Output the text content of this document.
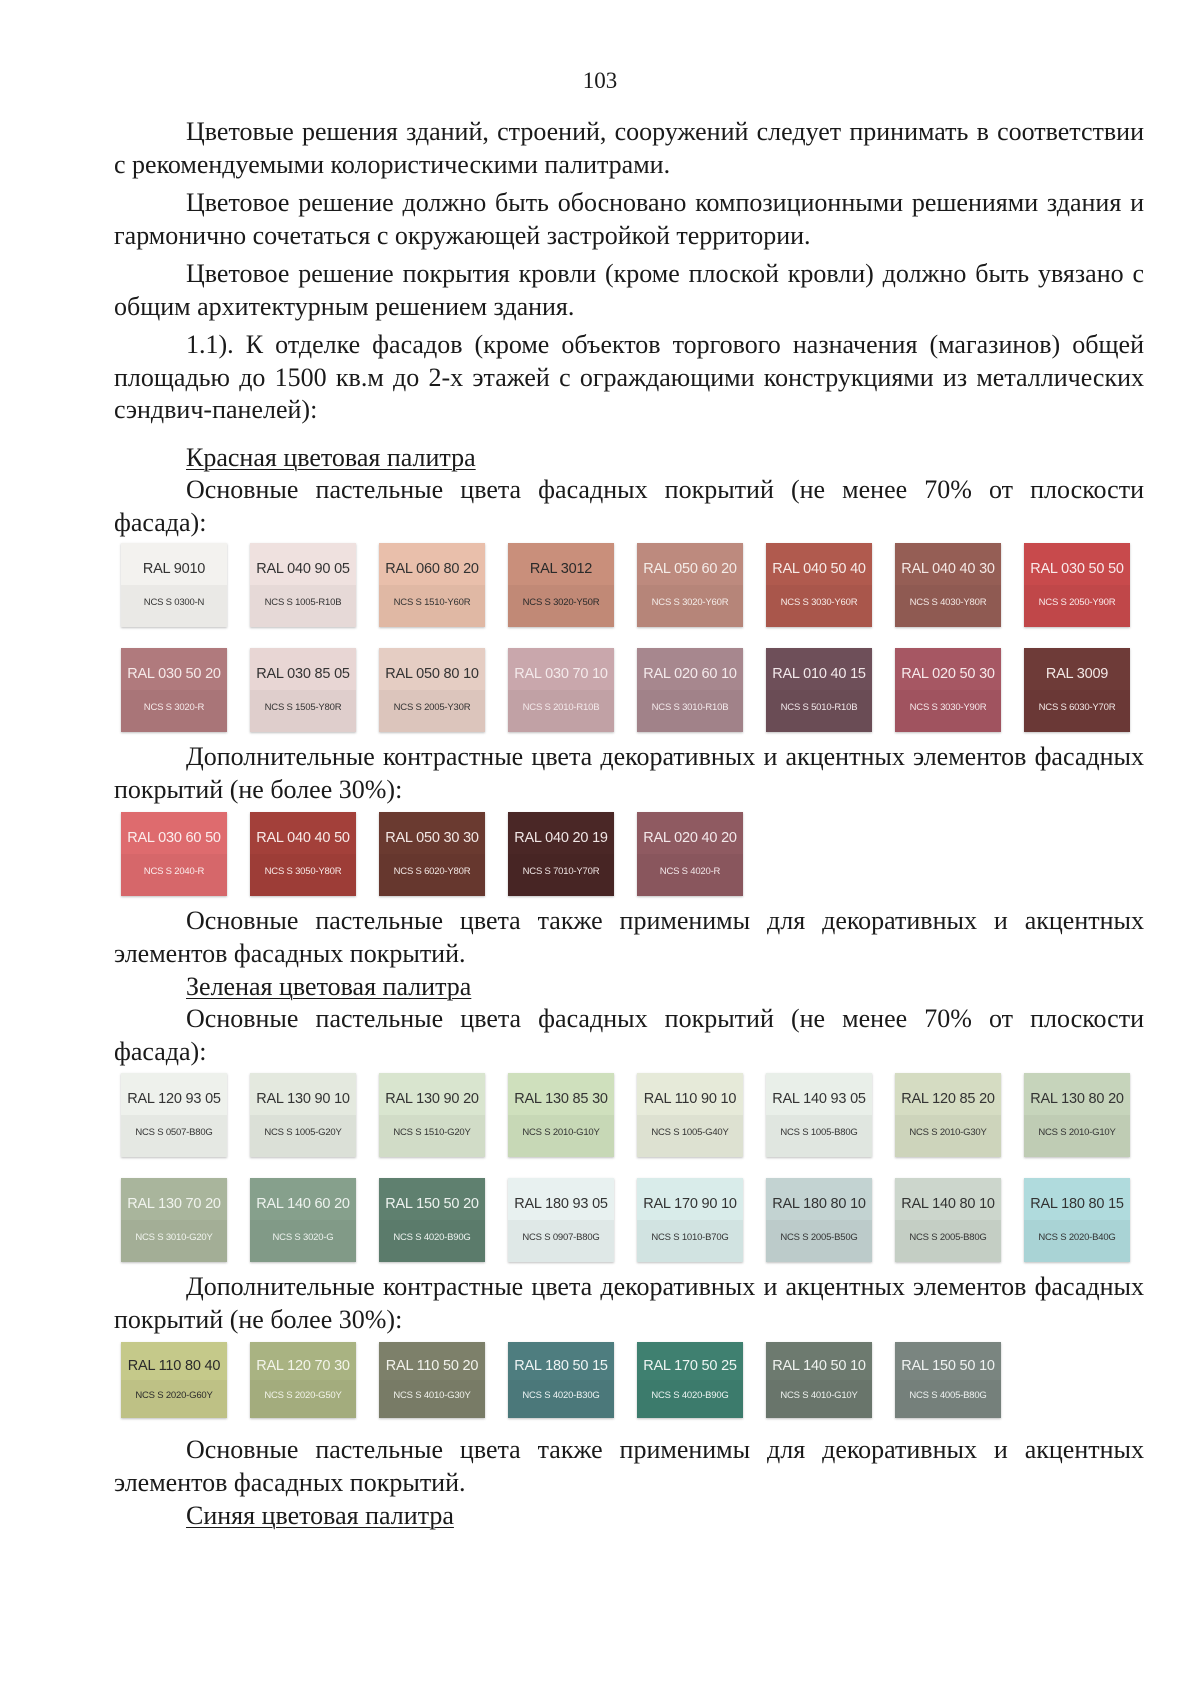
103
Цветовые решения зданий, строений, сооружений следует принимать в соответствии с рекомендуемыми колористическими палитрами.
Цветовое решение должно быть обосновано композиционными решениями здания и гармонично сочетаться с окружающей застройкой территории.
Цветовое решение покрытия кровли (кроме плоской кровли) должно быть увязано с общим архитектурным решением здания.
1.1). К отделке фасадов (кроме объектов торгового назначения (магазинов) общей площадью до 1500 кв.м до 2-х этажей с ограждающими конструкциями из металлических сэндвич-панелей):
Красная цветовая палитра
Основные пастельные цвета фасадных покрытий (не менее 70% от плоскости фасада):
RAL 9010
NCS S 0300-N
RAL 040 90 05
NCS S 1005-R10B
RAL 060 80 20
NCS S 1510-Y60R
RAL 3012
NCS S 3020-Y50R
RAL 050 60 20
NCS S 3020-Y60R
RAL 040 50 40
NCS S 3030-Y60R
RAL 040 40 30
NCS S 4030-Y80R
RAL 030 50 50
NCS S 2050-Y90R
RAL 030 50 20
NCS S 3020-R
RAL 030 85 05
NCS S 1505-Y80R
RAL 050 80 10
NCS S 2005-Y30R
RAL 030 70 10
NCS S 2010-R10B
RAL 020 60 10
NCS S 3010-R10B
RAL 010 40 15
NCS S 5010-R10B
RAL 020 50 30
NCS S 3030-Y90R
RAL 3009
NCS S 6030-Y70R
Дополнительные контрастные цвета декоративных и акцентных элементов фасадных покрытий (не более 30%):
RAL 030 60 50
NCS S 2040-R
RAL 040 40 50
NCS S 3050-Y80R
RAL 050 30 30
NCS S 6020-Y80R
RAL 040 20 19
NCS S 7010-Y70R
RAL 020 40 20
NCS S 4020-R
Основные пастельные цвета также применимы для декоративных и акцентных элементов фасадных покрытий.
Зеленая цветовая палитра
Основные пастельные цвета фасадных покрытий (не менее 70% от плоскости фасада):
RAL 120 93 05
NCS S 0507-B80G
RAL 130 90 10
NCS S 1005-G20Y
RAL 130 90 20
NCS S 1510-G20Y
RAL 130 85 30
NCS S 2010-G10Y
RAL 110 90 10
NCS S 1005-G40Y
RAL 140 93 05
NCS S 1005-B80G
RAL 120 85 20
NCS S 2010-G30Y
RAL 130 80 20
NCS S 2010-G10Y
RAL 130 70 20
NCS S 3010-G20Y
RAL 140 60 20
NCS S 3020-G
RAL 150 50 20
NCS S 4020-B90G
RAL 180 93 05
NCS S 0907-B80G
RAL 170 90 10
NCS S 1010-B70G
RAL 180 80 10
NCS S 2005-B50G
RAL 140 80 10
NCS S 2005-B80G
RAL 180 80 15
NCS S 2020-B40G
Дополнительные контрастные цвета декоративных и акцентных элементов фасадных покрытий (не более 30%):
RAL 110 80 40
NCS S 2020-G60Y
RAL 120 70 30
NCS S 2020-G50Y
RAL 110 50 20
NCS S 4010-G30Y
RAL 180 50 15
NCS S 4020-B30G
RAL 170 50 25
NCS S 4020-B90G
RAL 140 50 10
NCS S 4010-G10Y
RAL 150 50 10
NCS S 4005-B80G
Основные пастельные цвета также применимы для декоративных и акцентных элементов фасадных покрытий.
Синяя цветовая палитра
